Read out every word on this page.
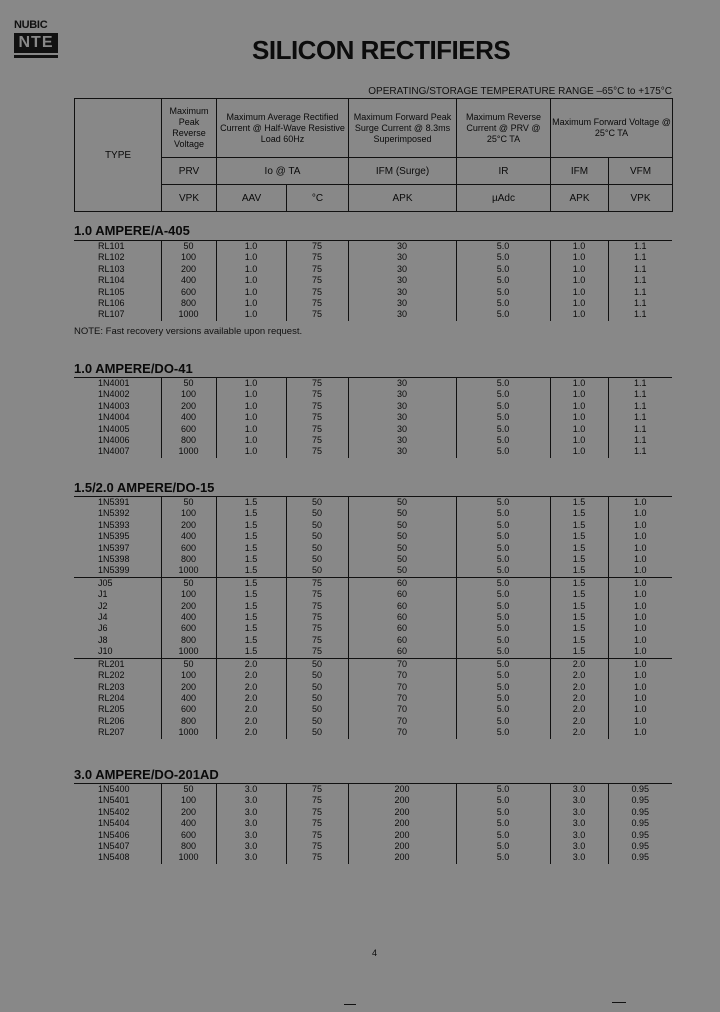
NUBIC
NTE	SILICON RECTIFIERS
OPERATING/STORAGE TEMPERATURE RANGE –65°C to +175°C
TYPE	Maximum Peak Reverse Voltage	Maximum Average Rectified Current @ Half-Wave Resistive Load 60Hz		Maximum Forward Peak Surge Current @ 8.3ms Superimposed	Maximum Reverse Current @ PRV @ 25°C TA	Maximum Forward Voltage @ 25°C TA	
	PRV	Io @ TA		IFM (Surge)	IR	IFM	VFM
	VPK	AAV	°C	APK	µAdc	APK	VPK
1.0 AMPERE/A-405
RL101	50	1.0	75	30	5.0	1.0	1.1
RL102	100	1.0	75	30	5.0	1.0	1.1
RL103	200	1.0	75	30	5.0	1.0	1.1
RL104	400	1.0	75	30	5.0	1.0	1.1
RL105	600	1.0	75	30	5.0	1.0	1.1
RL106	800	1.0	75	30	5.0	1.0	1.1
RL107	1000	1.0	75	30	5.0	1.0	1.1
NOTE: Fast recovery versions available upon request.
1.0 AMPERE/DO-41
1N4001	50	1.0	75	30	5.0	1.0	1.1
1N4002	100	1.0	75	30	5.0	1.0	1.1
1N4003	200	1.0	75	30	5.0	1.0	1.1
1N4004	400	1.0	75	30	5.0	1.0	1.1
1N4005	600	1.0	75	30	5.0	1.0	1.1
1N4006	800	1.0	75	30	5.0	1.0	1.1
1N4007	1000	1.0	75	30	5.0	1.0	1.1
1.5/2.0 AMPERE/DO-15
1N5391	50	1.5	50	50	5.0	1.5	1.0
1N5392	100	1.5	50	50	5.0	1.5	1.0
1N5393	200	1.5	50	50	5.0	1.5	1.0
1N5395	400	1.5	50	50	5.0	1.5	1.0
1N5397	600	1.5	50	50	5.0	1.5	1.0
1N5398	800	1.5	50	50	5.0	1.5	1.0
1N5399	1000	1.5	50	50	5.0	1.5	1.0
J05	50	1.5	75	60	5.0	1.5	1.0
J1	100	1.5	75	60	5.0	1.5	1.0
J2	200	1.5	75	60	5.0	1.5	1.0
J4	400	1.5	75	60	5.0	1.5	1.0
J6	600	1.5	75	60	5.0	1.5	1.0
J8	800	1.5	75	60	5.0	1.5	1.0
J10	1000	1.5	75	60	5.0	1.5	1.0
RL201	50	2.0	50	70	5.0	2.0	1.0
RL202	100	2.0	50	70	5.0	2.0	1.0
RL203	200	2.0	50	70	5.0	2.0	1.0
RL204	400	2.0	50	70	5.0	2.0	1.0
RL205	600	2.0	50	70	5.0	2.0	1.0
RL206	800	2.0	50	70	5.0	2.0	1.0
RL207	1000	2.0	50	70	5.0	2.0	1.0
3.0 AMPERE/DO-201AD
1N5400	50	3.0	75	200	5.0	3.0	0.95
1N5401	100	3.0	75	200	5.0	3.0	0.95
1N5402	200	3.0	75	200	5.0	3.0	0.95
1N5404	400	3.0	75	200	5.0	3.0	0.95
1N5406	600	3.0	75	200	5.0	3.0	0.95
1N5407	800	3.0	75	200	5.0	3.0	0.95
1N5408	1000	3.0	75	200	5.0	3.0	0.95
4
